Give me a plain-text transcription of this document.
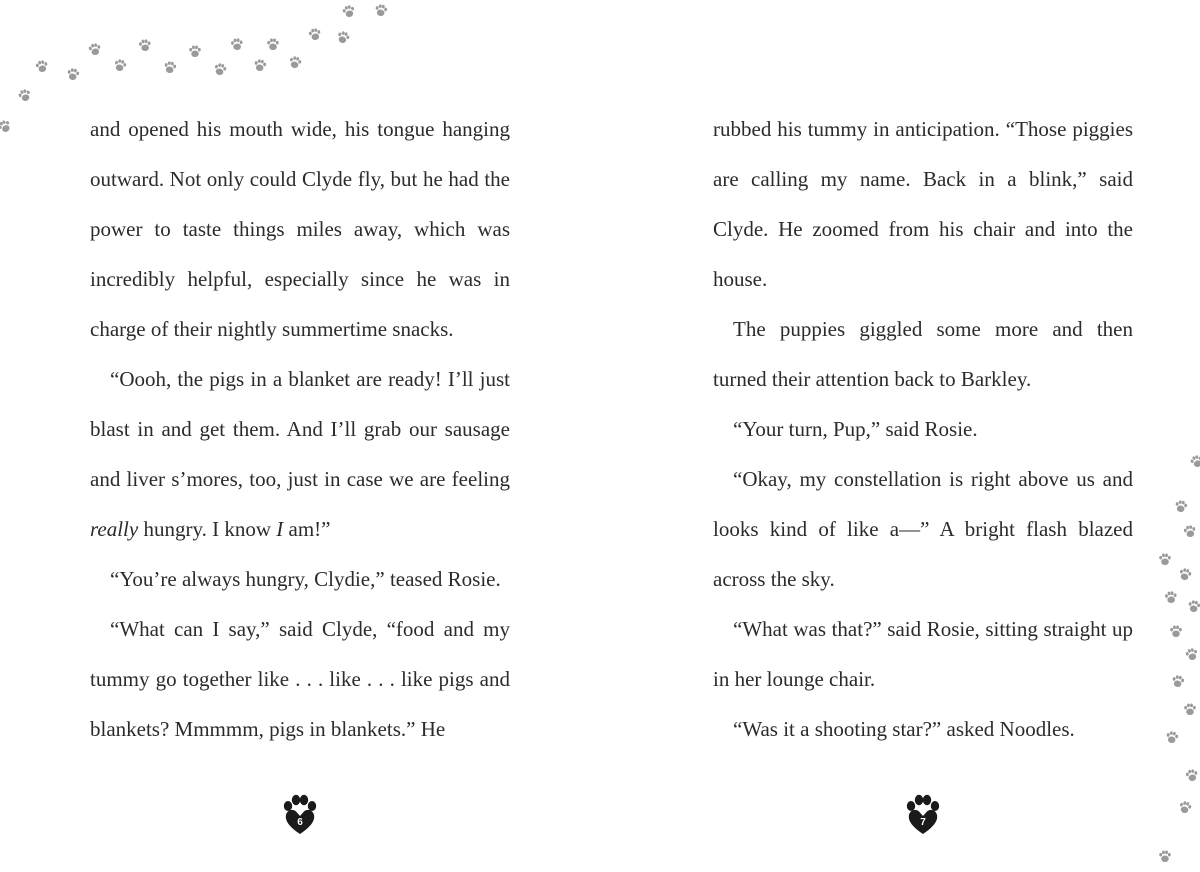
and opened his mouth wide, his tongue hanging outward. Not only could Clyde fly, but he had the power to taste things miles away, which was incredibly helpful, especially since he was in charge of their nightly summertime snacks.

“Oooh, the pigs in a blanket are ready! I’ll just blast in and get them. And I’ll grab our sausage and liver s’mores, too, just in case we are feeling really hungry. I know I am!”

“You’re always hungry, Clydie,” teased Rosie.

“What can I say,” said Clyde, “food and my tummy go together like . . . like . . . like pigs and blankets? Mmmmm, pigs in blankets.” He

rubbed his tummy in anticipation. “Those piggies are calling my name. Back in a blink,” said Clyde. He zoomed from his chair and into the house.

The puppies giggled some more and then turned their attention back to Barkley.

“Your turn, Pup,” said Rosie.

“Okay, my constellation is right above us and looks kind of like a—” A bright flash blazed across the sky.

“What was that?” said Rosie, sitting straight up in her lounge chair.

“Was it a shooting star?” asked Noodles.

6	7
